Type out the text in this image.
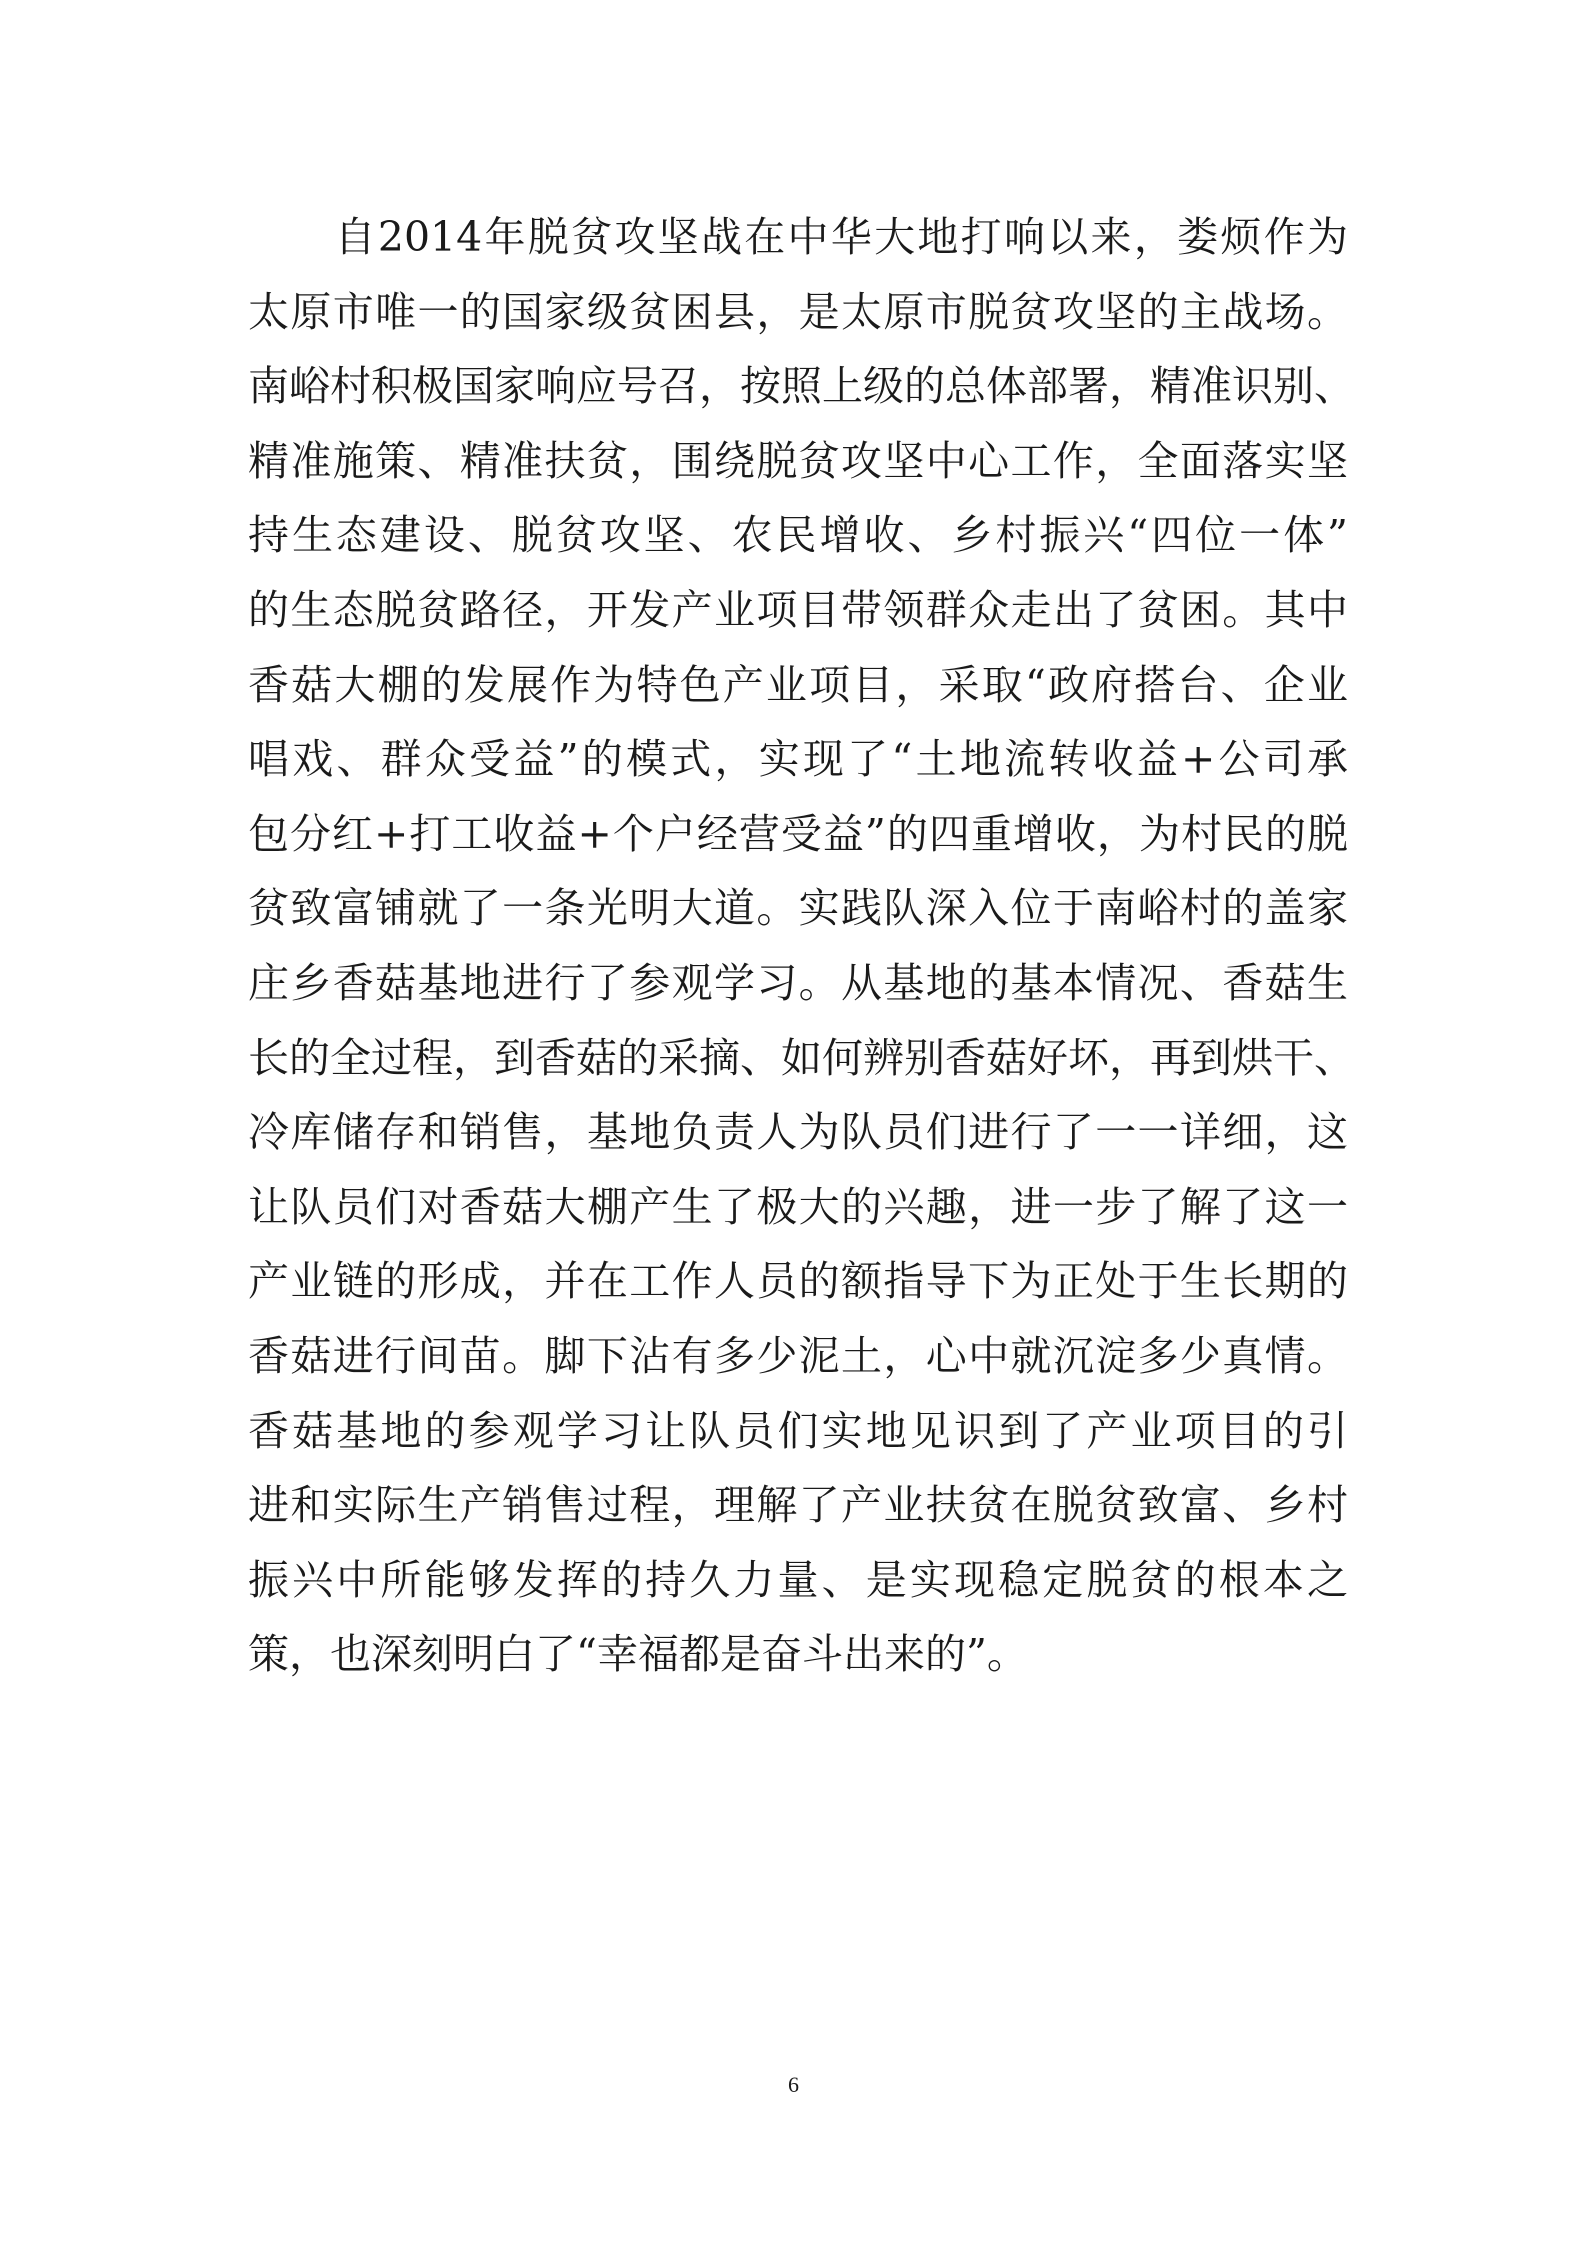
　　自2014年脱贫攻坚战在中华大地打响以来，娄烦作为
太原市唯一的国家级贫困县，是太原市脱贫攻坚的主战场。
南峪村积极国家响应号召，按照上级的总体部署，精准识别、
精准施策、精准扶贫，围绕脱贫攻坚中心工作，全面落实坚
持生态建设、脱贫攻坚、农民增收、乡村振兴“四位一体”
的生态脱贫路径，开发产业项目带领群众走出了贫困。其中
香菇大棚的发展作为特色产业项目，采取“政府搭台、企业
唱戏、群众受益”的模式，实现了“土地流转收益+公司承
包分红+打工收益+个户经营受益”的四重增收，为村民的脱
贫致富铺就了一条光明大道。实践队深入位于南峪村的盖家
庄乡香菇基地进行了参观学习。从基地的基本情况、香菇生
长的全过程，到香菇的采摘、如何辨别香菇好坏，再到烘干、
冷库储存和销售，基地负责人为队员们进行了一一详细，这
让队员们对香菇大棚产生了极大的兴趣，进一步了解了这一
产业链的形成，并在工作人员的额指导下为正处于生长期的
香菇进行间苗。脚下沾有多少泥土，心中就沉淀多少真情。
香菇基地的参观学习让队员们实地见识到了产业项目的引
进和实际生产销售过程，理解了产业扶贫在脱贫致富、乡村
振兴中所能够发挥的持久力量、是实现稳定脱贫的根本之
策，也深刻明白了“幸福都是奋斗出来的”。
6
